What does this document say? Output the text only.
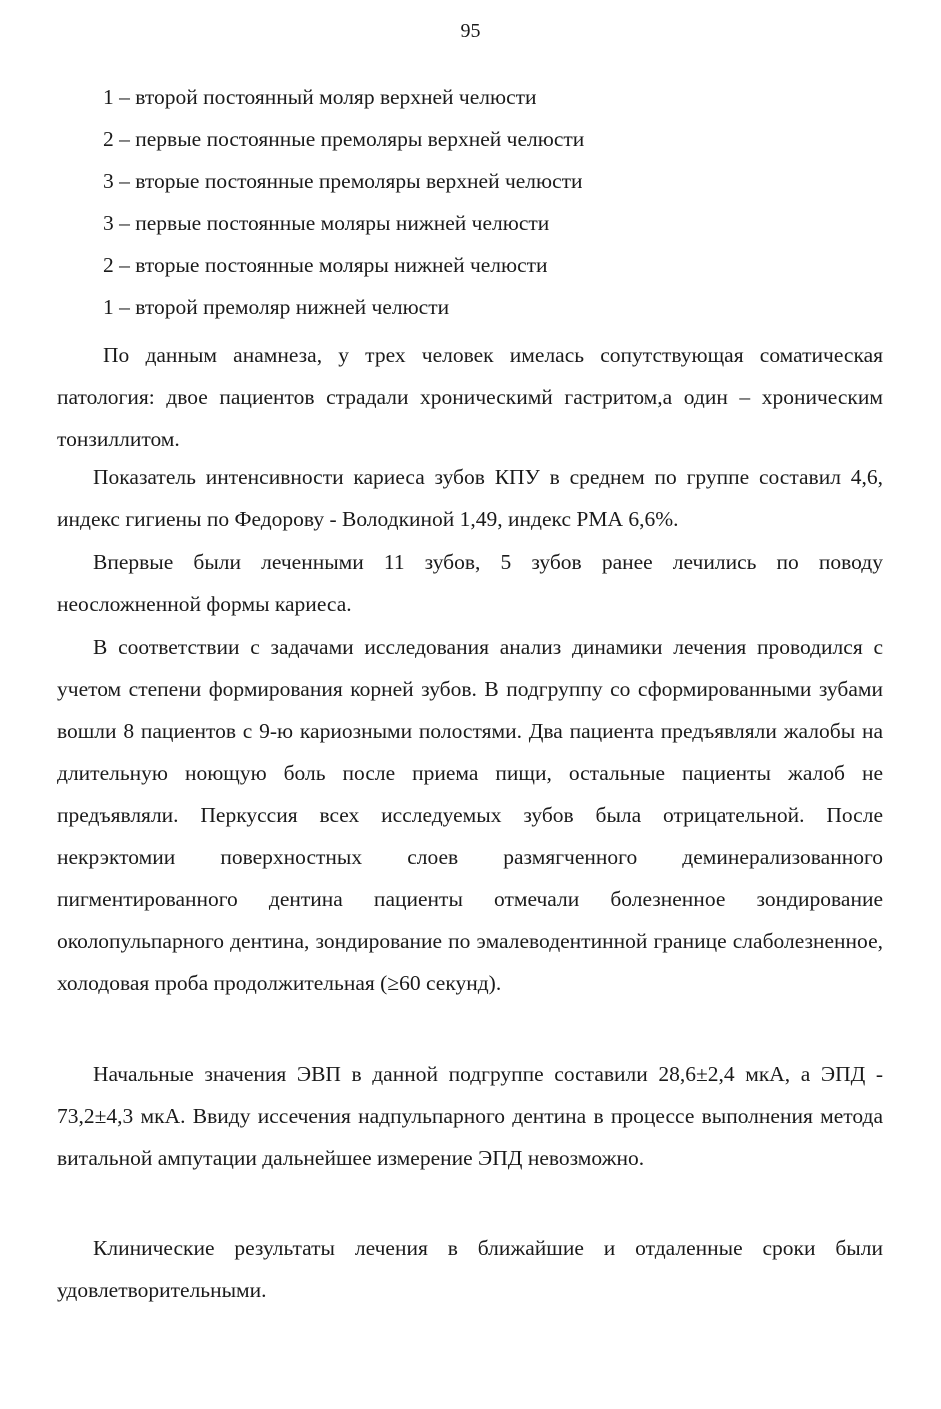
95
1 – второй постоянный моляр верхней челюсти
2 – первые постоянные премоляры верхней челюсти
3 – вторые постоянные премоляры верхней челюсти
3 – первые постоянные моляры нижней челюсти
2 – вторые постоянные моляры нижней челюсти
1 – второй премоляр нижней челюсти

По данным анамнеза, у трех человек имелась сопутствующая соматическая патология: двое пациентов страдали хроническимй гастритом,а один – хроническим тонзиллитом.

Показатель интенсивности кариеса зубов КПУ в среднем по группе составил 4,6, индекс гигиены по Федорову - Володкиной 1,49, индекс РМА 6,6%.

Впервые были леченными 11 зубов, 5 зубов ранее лечились по поводу неосложненной формы кариеса.

В соответствии с задачами исследования анализ динамики лечения проводился с учетом степени формирования корней зубов. В подгруппу со сформированными зубами вошли 8 пациентов с 9-ю кариозными полостями. Два пациента предъявляли жалобы на длительную ноющую боль после приема пищи, остальные пациенты жалоб не предъявляли. Перкуссия всех исследуемых зубов была отрицательной. После некрэктомии поверхностных слоев размягченного деминерализованного пигментированного дентина пациенты отмечали болезненное зондирование околопульпарного дентина, зондирование по эмалеводентинной границе слаболезненное, холодовая проба продолжительная (≥60 секунд).

Начальные значения ЭВП в данной подгруппе составили 28,6±2,4 мкА, а ЭПД - 73,2±4,3 мкА. Ввиду иссечения надпульпарного дентина в процессе выполнения метода витальной ампутации дальнейшее измерение ЭПД невозможно.

Клинические результаты лечения в ближайшие и отдаленные сроки были удовлетворительными.
